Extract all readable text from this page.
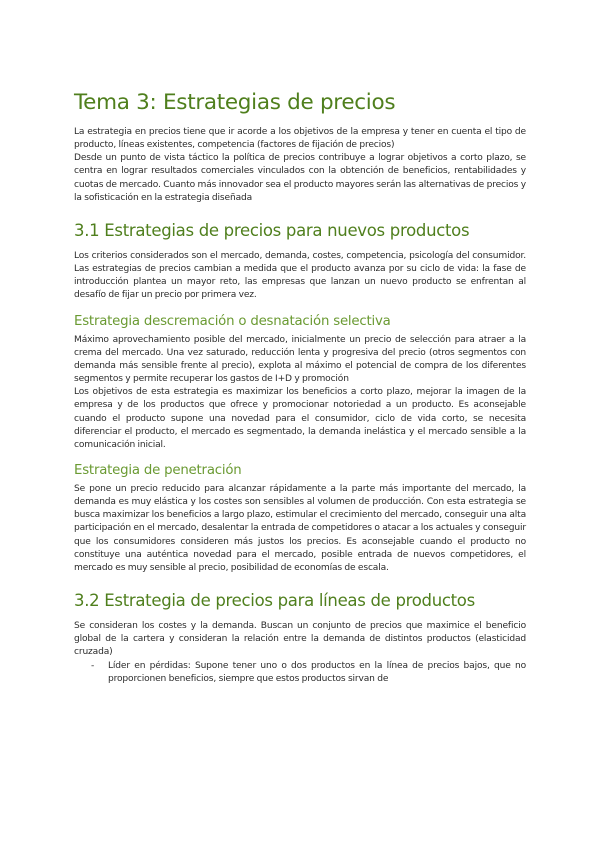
Tema 3: Estrategias de precios

La estrategia en precios tiene que ir acorde a los objetivos de la empresa y tener en cuenta el tipo de producto, líneas existentes, competencia (factores de fijación de precios)

Desde un punto de vista táctico la política de precios contribuye a lograr objetivos a corto plazo, se centra en lograr resultados comerciales vinculados con la obtención de beneficios, rentabilidades y cuotas de mercado. Cuanto más innovador sea el producto mayores serán las alternativas de precios y la sofisticación en la estrategia diseñada

3.1 Estrategias de precios para nuevos productos

Los criterios considerados son el mercado, demanda, costes, competencia, psicología del consumidor. Las estrategias de precios cambian a medida que el producto avanza por su ciclo de vida: la fase de introducción plantea un mayor reto, las empresas que lanzan un nuevo producto se enfrentan al desafío de fijar un precio por primera vez.

Estrategia descremación o desnatación selectiva

Máximo aprovechamiento posible del mercado, inicialmente un precio de selección para atraer a la crema del mercado. Una vez saturado, reducción lenta y progresiva del precio (otros segmentos con demanda más sensible frente al precio), explota al máximo el potencial de compra de los diferentes segmentos y permite recuperar los gastos de I+D y promoción

Los objetivos de esta estrategia es maximizar los beneficios a corto plazo, mejorar la imagen de la empresa y de los productos que ofrece y promocionar notoriedad a un producto. Es aconsejable cuando el producto supone una novedad para el consumidor, ciclo de vida corto, se necesita diferenciar el producto, el mercado es segmentado, la demanda inelástica y el mercado sensible a la comunicación inicial.

Estrategia de penetración

Se pone un precio reducido para alcanzar rápidamente a la parte más importante del mercado, la demanda es muy elástica y los costes son sensibles al volumen de producción. Con esta estrategia se busca maximizar los beneficios a largo plazo, estimular el crecimiento del mercado, conseguir una alta participación en el mercado, desalentar la entrada de competidores o atacar a los actuales y conseguir que los consumidores consideren más justos los precios. Es aconsejable cuando el producto no constituye una auténtica novedad para el mercado, posible entrada de nuevos competidores, el mercado es muy sensible al precio, posibilidad de economías de escala.

3.2 Estrategia de precios para líneas de productos

Se consideran los costes y la demanda. Buscan un conjunto de precios que maximice el beneficio global de la cartera y consideran la relación entre la demanda de distintos productos (elasticidad cruzada)

- Líder en pérdidas: Supone tener uno o dos productos en la línea de precios bajos, que no proporcionen beneficios, siempre que estos productos sirvan de
